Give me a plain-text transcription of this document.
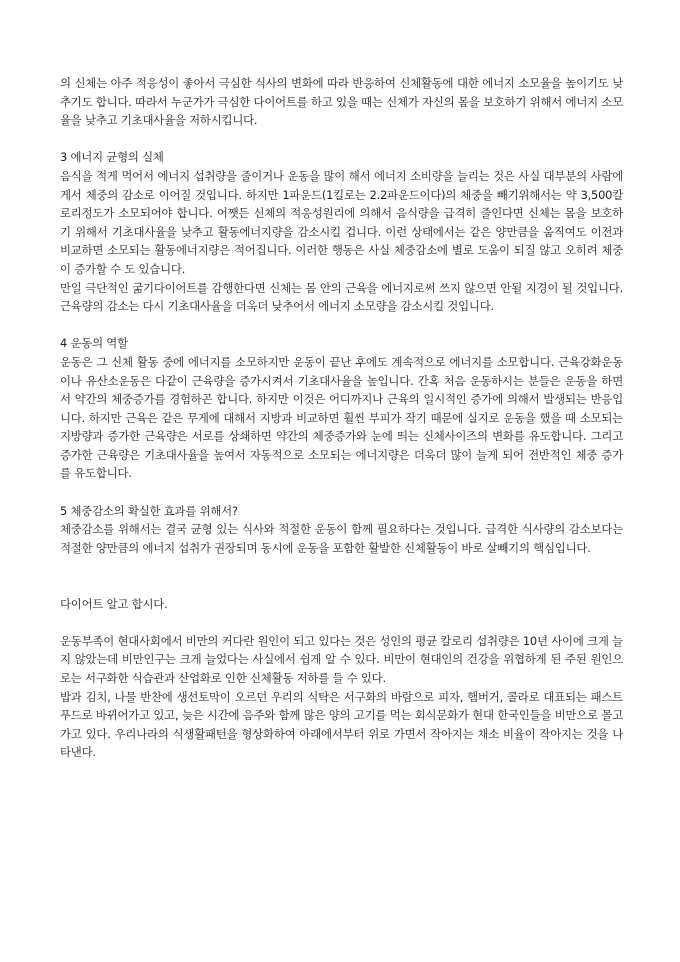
의 신체는 아주 적응성이 좋아서 극심한 식사의 변화에 따라 반응하여 신체활동에 대한 에너지 소모율을 높이기도 낮추기도 합니다. 따라서 누군가가 극심한 다이어트를 하고 있을 때는 신체가 자신의 몸을 보호하기 위해서 에너지 소모율을 낮추고 기초대사율을 저하시킵니다.

3 에너지 균형의 실체

음식을 적게 먹어서 에너지 섭취량을 줄이거나 운동을 많이 해서 에너지 소비량을 늘리는 것은 사실 대부분의 사람에게서 체중의 감소로 이어질 것입니다. 하지만 1파운드(1킬로는 2.2파운드이다)의 체중을 빼기위해서는 약 3,500칼로리정도가 소모되어야 합니다. 어쨋든 신체의 적응성원리에 의해서 음식량을 급격히 줄인다면 신체는 몸을 보호하기 위해서 기초대사율을 낮추고 활동에너지량을 감소시킬 겁니다. 이런 상태에서는 같은 양만큼을 움직여도 이전과 비교하면 소모되는 활동에너지량은 적어집니다. 이러한 행동은 사실 체중감소에 별로 도움이 되질 않고 오히려 체중이 증가할 수 도 있습니다.

만일 극단적인 굶기다이어트를 감행한다면 신체는 몸 안의 근육을 에너지로써 쓰지 않으면 안될 지경이 될 것입니다. 근육량의 감소는 다시 기초대사율을 더욱더 낮추어서 에너지 소모량을 감소시킬 것입니다.

4 운동의 역할

운동은 그 신체 활동 중에 에너지를 소모하지만 운동이 끝난 후에도 계속적으로 에너지를 소모합니다. 근육강화운동이나 유산소운동은 다같이 근육량을 증가시켜서 기초대사율을 높입니다. 간혹 처음 운동하시는 분들은 운동을 하면서 약간의 체중증가를 경험하곤 합니다. 하지만 이것은 어디까지나 근육의 일시적인 증가에 의해서 발생되는 반응입니다. 하지만 근육은 같은 무게에 대해서 지방과 비교하면 훨씬 부피가 작기 때문에 실지로 운동을 했을 때 소모되는 지방량과 증가한 근육량은 서로를 상쇄하면 약간의 체중증가와 눈에 띄는 신체사이즈의 변화를 유도합니다. 그리고 증가한 근육량은 기초대사율을 높여서 자동적으로 소모되는 에너지량은 더욱더 많이 늘게 되어 전반적인 체중 증가를 유도합니다.

5 체중감소의 확실한 효과를 위해서?

체중감소를 위해서는 결국 균형 있는 식사와 적절한 운동이 함께 필요하다는 것입니다. 급격한 식사량의 감소보다는 적절한 양만큼의 에너지 섭취가 권장되며 동시에 운동을 포함한 활발한 신체활동이 바로 살빼기의 핵심입니다.

다이어트 알고 합시다.

운동부족이 현대사회에서 비만의 커다란 원인이 되고 있다는 것은 성인의 평균 칼로리 섭취량은 10년 사이에 크게 늘지 않았는데 비만인구는 크게 늘었다는 사실에서 쉽게 알 수 있다. 비만이 현대인의 건강을 위협하게 된 주된 원인으로는 서구화한 식습관과 산업화로 인한 신체활동 저하를 들 수 있다.

밥과 김치, 나물 반찬에 생선토막이 오르던 우리의 식탁은 서구화의 바람으로 피자, 햄버거, 콜라로 대표되는 패스트푸드로 바뀌어가고 있고, 늦은 시간에 음주와 함께 많은 양의 고기를 먹는 회식문화가 현대 한국인들을 비만으로 몰고 가고 있다. 우리나라의 식생활패턴을 형상화하여 아래에서부터 위로 가면서 작아지는 채소 비율이 작아지는 것을 나타낸다.
